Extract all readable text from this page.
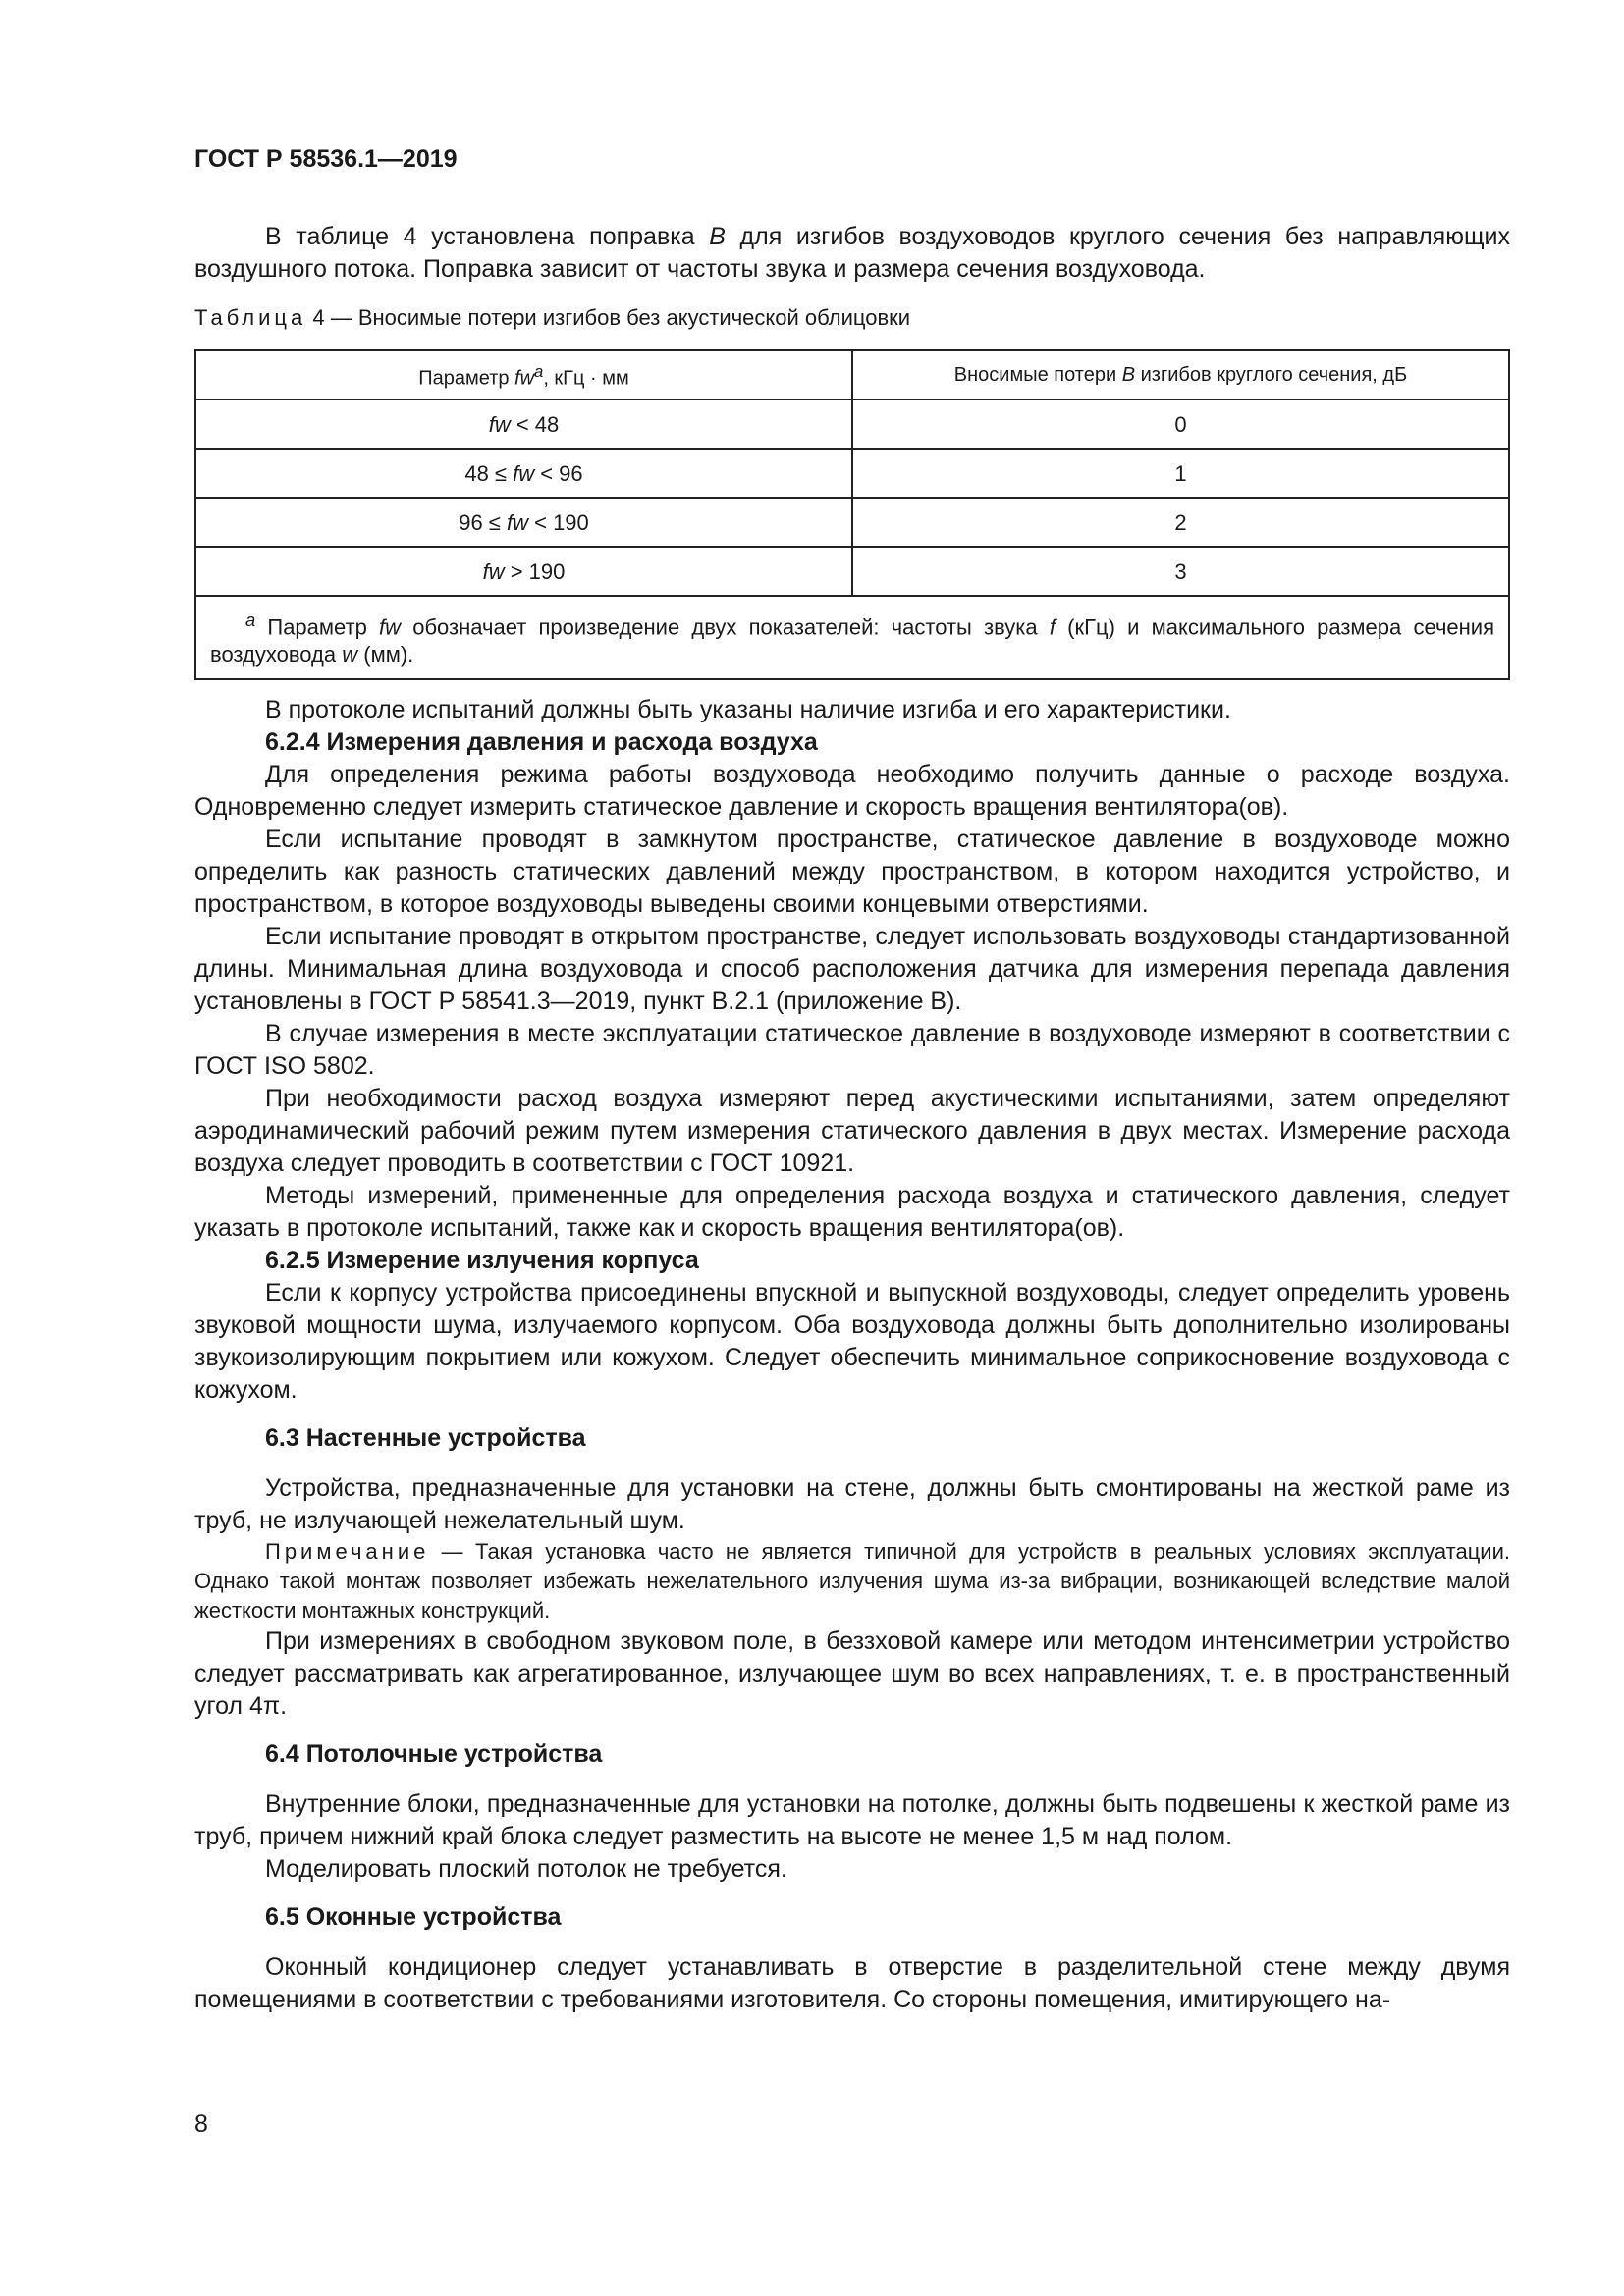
ГОСТ Р 58536.1—2019

В таблице 4 установлена поправка B для изгибов воздуховодов круглого сечения без направляющих воздушного потока. Поправка зависит от частоты звука и размера сечения воздуховода.

Таблица 4 — Вносимые потери изгибов без акустической облицовки
Параметр $fw^a$, кГц · мм	Вносимые потери B изгибов круглого сечения, дБ
fw < 48	0
48 ≤ fw < 96	1
96 ≤ fw < 190	2
fw > 190	3
$^a$ Параметр fw обозначает произведение двух показателей: частоты звука f (кГц) и максимального размера сечения воздуховода w (мм).	

В протоколе испытаний должны быть указаны наличие изгиба и его характеристики.

6.2.4 Измерения давления и расхода воздуха

Для определения режима работы воздуховода необходимо получить данные о расходе воздуха. Одновременно следует измерить статическое давление и скорость вращения вентилятора(ов).

Если испытание проводят в замкнутом пространстве, статическое давление в воздуховоде можно определить как разность статических давлений между пространством, в котором находится устройство, и пространством, в которое воздуховоды выведены своими концевыми отверстиями.

Если испытание проводят в открытом пространстве, следует использовать воздуховоды стандартизованной длины. Минимальная длина воздуховода и способ расположения датчика для измерения перепада давления установлены в ГОСТ Р 58541.3—2019, пункт В.2.1 (приложение В).

В случае измерения в месте эксплуатации статическое давление в воздуховоде измеряют в соответствии с ГОСТ ISO 5802.

При необходимости расход воздуха измеряют перед акустическими испытаниями, затем определяют аэродинамический рабочий режим путем измерения статического давления в двух местах. Измерение расхода воздуха следует проводить в соответствии с ГОСТ 10921.

Методы измерений, примененные для определения расхода воздуха и статического давления, следует указать в протоколе испытаний, также как и скорость вращения вентилятора(ов).

6.2.5 Измерение излучения корпуса

Если к корпусу устройства присоединены впускной и выпускной воздуховоды, следует определить уровень звуковой мощности шума, излучаемого корпусом. Оба воздуховода должны быть дополнительно изолированы звукоизолирующим покрытием или кожухом. Следует обеспечить минимальное соприкосновение воздуховода с кожухом.

6.3 Настенные устройства

Устройства, предназначенные для установки на стене, должны быть смонтированы на жесткой раме из труб, не излучающей нежелательный шум.

Примечание — Такая установка часто не является типичной для устройств в реальных условиях эксплуатации. Однако такой монтаж позволяет избежать нежелательного излучения шума из-за вибрации, возникающей вследствие малой жесткости монтажных конструкций.

При измерениях в свободном звуковом поле, в беззховой камере или методом интенсиметрии устройство следует рассматривать как агрегатированное, излучающее шум во всех направлениях, т. е. в пространственный угол 4π.

6.4 Потолочные устройства

Внутренние блоки, предназначенные для установки на потолке, должны быть подвешены к жесткой раме из труб, причем нижний край блока следует разместить на высоте не менее 1,5 м над полом.

Моделировать плоский потолок не требуется.

6.5 Оконные устройства

Оконный кондиционер следует устанавливать в отверстие в разделительной стене между двумя помещениями в соответствии с требованиями изготовителя. Со стороны помещения, имитирующего на-

8
